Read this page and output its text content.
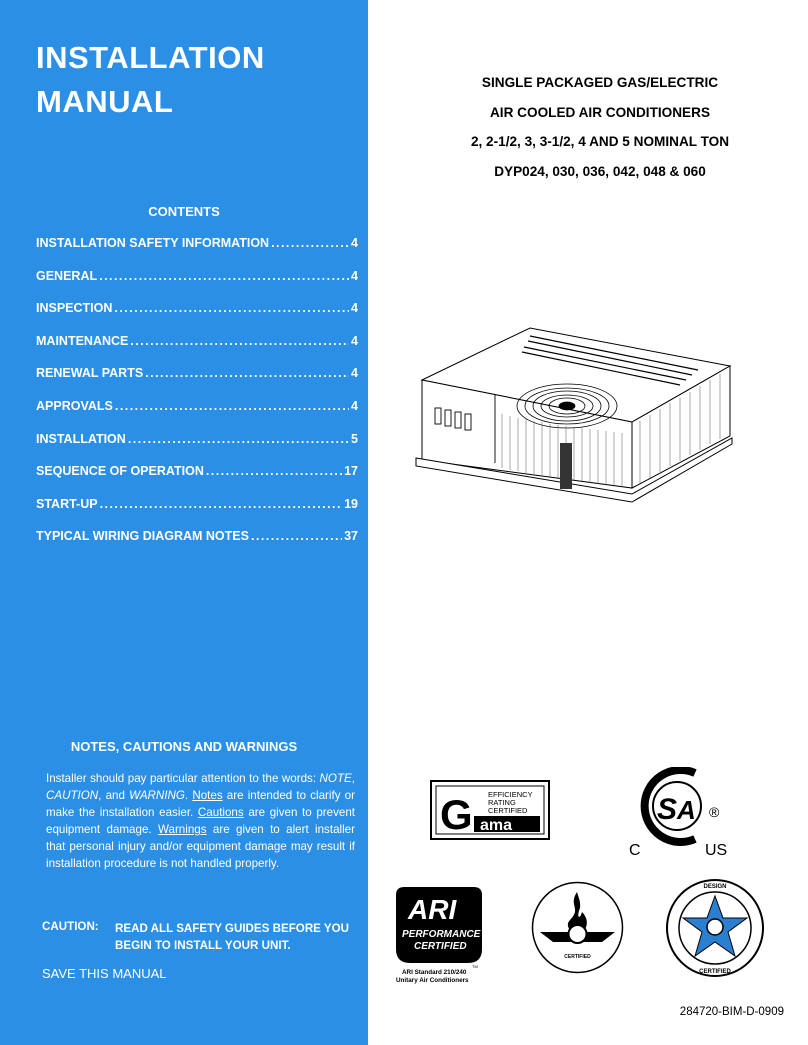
INSTALLATION
MANUAL
CONTENTS
INSTALLATION SAFETY INFORMATION . . .	4
GENERAL . . .	4
INSPECTION . . .	4
MAINTENANCE . . .	4
RENEWAL PARTS . . .	4
APPROVALS . . .	4
INSTALLATION . . .	5
SEQUENCE OF OPERATION . . .	17
START-UP . . .	19
TYPICAL WIRING DIAGRAM NOTES . . .	37
NOTES, CAUTIONS AND WARNINGS
Installer should pay particular attention to the words: NOTE, CAUTION, and WARNING. Notes are intended to clarify or make the installation easier. Cautions are given to prevent equipment damage. Warnings are given to alert installer that personal injury and/or equipment damage may result if installation procedure is not handled properly.
CAUTION:	READ ALL SAFETY GUIDES BEFORE YOU BEGIN TO INSTALL YOUR UNIT.
SAVE THIS MANUAL
SINGLE PACKAGED GAS/ELECTRIC
AIR COOLED AIR CONDITIONERS
2, 2-1/2, 3, 3-1/2, 4 AND 5 NOMINAL TON
DYP024, 030, 036, 042, 048 & 060
G EFFICIENCY
RATING
CERTIFIED
ama	S A ®
C	US
ARI
PERFORMANCE
CERTIFIED
TM
ARI Standard 210/240
Unitary Air Conditioners
CERTIFIED
DESIGN
CERTIFIED
284720-BIM-D-0909
